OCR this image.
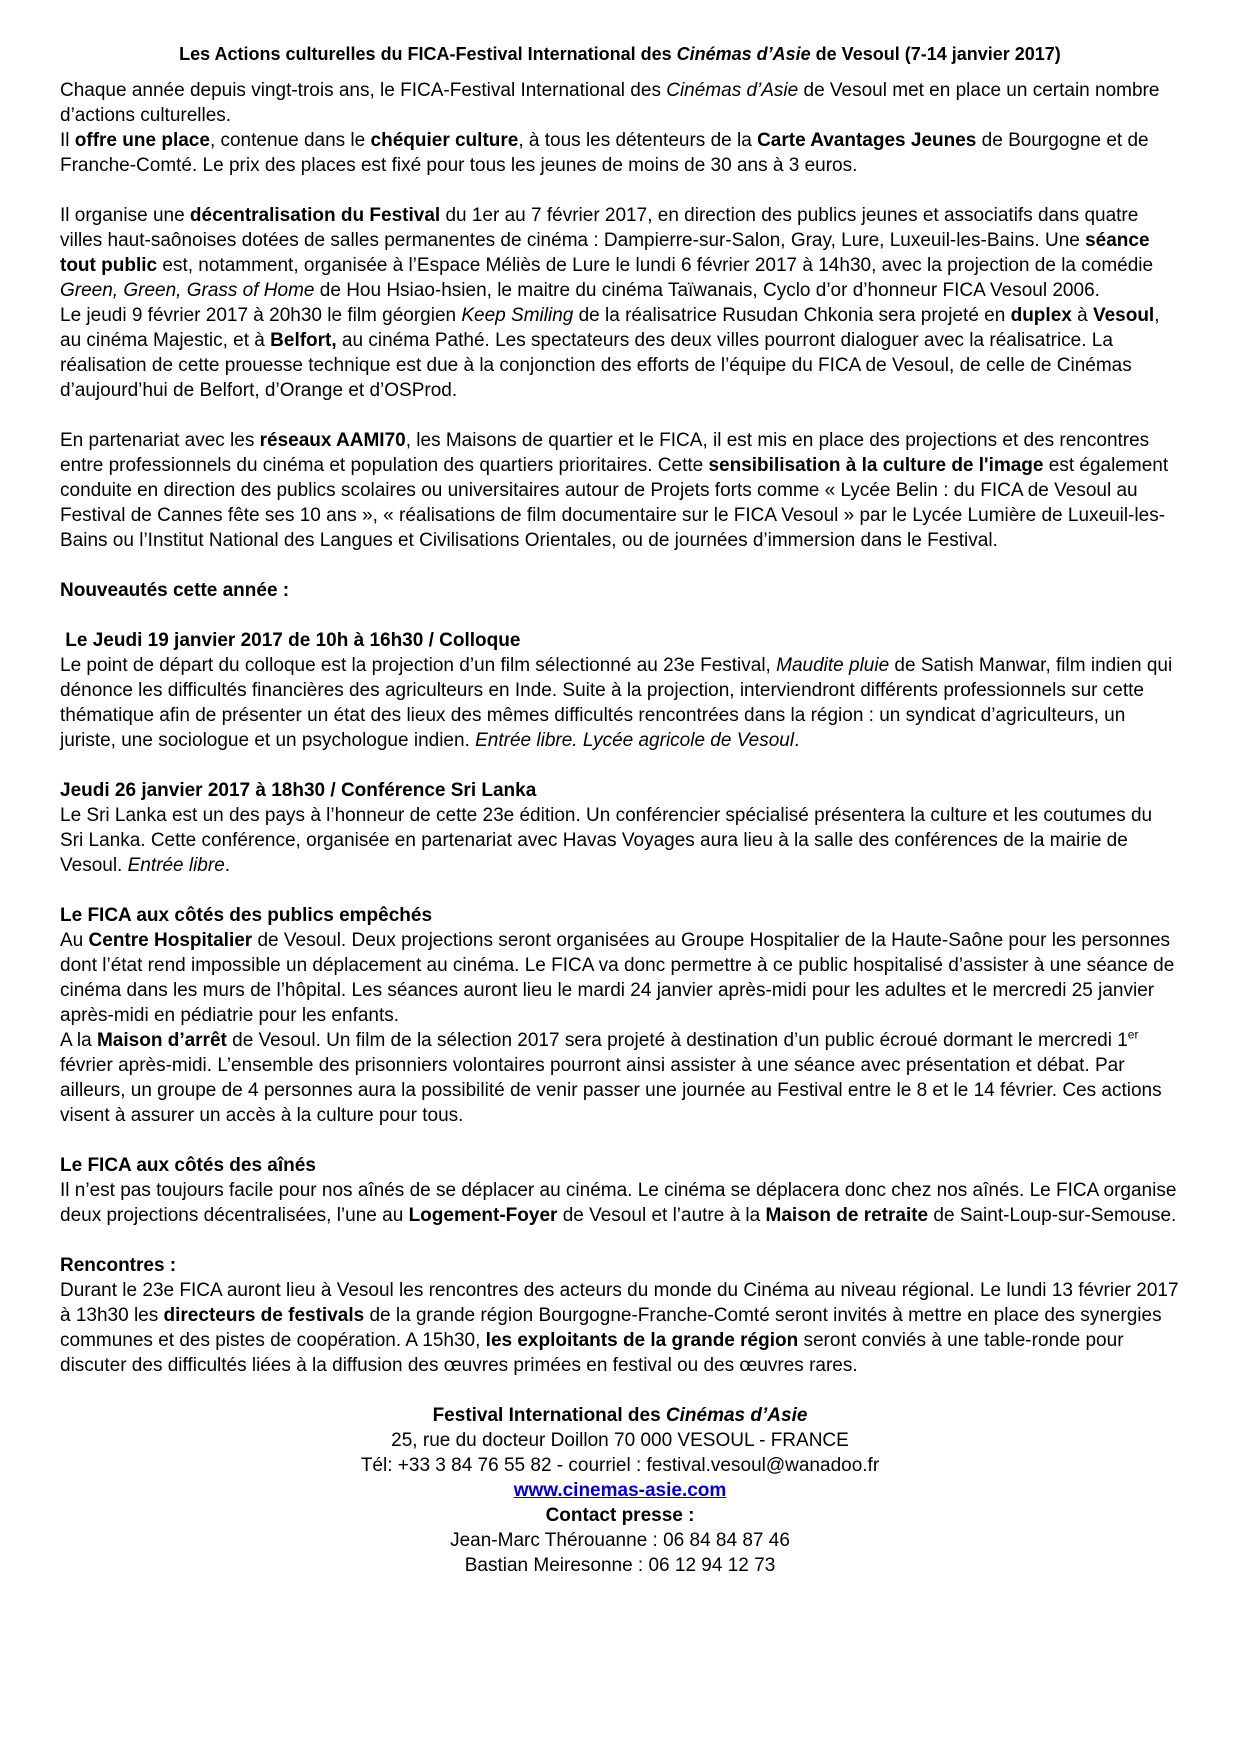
Les Actions culturelles du FICA-Festival International des Cinémas d’Asie de Vesoul (7-14 janvier 2017)

Chaque année depuis vingt-trois ans, le FICA-Festival International des Cinémas d’Asie de Vesoul met en place un certain nombre d’actions culturelles.

Il offre une place, contenue dans le chéquier culture, à tous les détenteurs de la Carte Avantages Jeunes de Bourgogne et de Franche-Comté. Le prix des places est fixé pour tous les jeunes de moins de 30 ans à 3 euros.

Il organise une décentralisation du Festival du 1er au 7 février 2017, en direction des publics jeunes et associatifs dans quatre villes haut-saônoises dotées de salles permanentes de cinéma : Dampierre-sur-Salon, Gray, Lure, Luxeuil-les-Bains. Une séance tout public est, notamment, organisée à l’Espace Méliès de Lure le lundi 6 février 2017 à 14h30, avec la projection de la comédie Green, Green, Grass of Home de Hou Hsiao-hsien, le maitre du cinéma Taïwanais, Cyclo d’or d’honneur FICA Vesoul 2006.

Le jeudi 9 février 2017 à 20h30 le film géorgien Keep Smiling de la réalisatrice Rusudan Chkonia sera projeté en duplex à Vesoul, au cinéma Majestic, et à Belfort, au cinéma Pathé. Les spectateurs des deux villes pourront dialoguer avec la réalisatrice. La réalisation de cette prouesse technique est due à la conjonction des efforts de l’équipe du FICA de Vesoul, de celle de Cinémas d’aujourd’hui de Belfort, d’Orange et d’OSProd.

En partenariat avec les réseaux AAMI70, les Maisons de quartier et le FICA, il est mis en place des projections et des rencontres entre professionnels du cinéma et population des quartiers prioritaires. Cette sensibilisation à la culture de l'image est également conduite en direction des publics scolaires ou universitaires autour de Projets forts comme « Lycée Belin : du FICA de Vesoul au Festival de Cannes fête ses 10 ans », « réalisations de film documentaire sur le FICA Vesoul » par le Lycée Lumière de Luxeuil-les-Bains ou l’Institut National des Langues et Civilisations Orientales, ou de journées d’immersion dans le Festival.

Nouveautés cette année :
Le Jeudi 19 janvier 2017 de 10h à 16h30 / Colloque

Le point de départ du colloque est la projection d’un film sélectionné au 23e Festival, Maudite pluie de Satish Manwar, film indien qui dénonce les difficultés financières des agriculteurs en Inde. Suite à la projection, interviendront différents professionnels sur cette thématique afin de présenter un état des lieux des mêmes difficultés rencontrées dans la région : un syndicat d’agriculteurs, un juriste, une sociologue et un psychologue indien. Entrée libre. Lycée agricole de Vesoul.

Jeudi 26 janvier 2017 à 18h30 / Conférence Sri Lanka

Le Sri Lanka est un des pays à l’honneur de cette 23e édition. Un conférencier spécialisé présentera la culture et les coutumes du Sri Lanka. Cette conférence, organisée en partenariat avec Havas Voyages aura lieu à la salle des conférences de la mairie de Vesoul. Entrée libre.

Le FICA aux côtés des publics empêchés

Au Centre Hospitalier de Vesoul. Deux projections seront organisées au Groupe Hospitalier de la Haute-Saône pour les personnes dont l’état rend impossible un déplacement au cinéma. Le FICA va donc permettre à ce public hospitalisé d’assister à une séance de cinéma dans les murs de l’hôpital. Les séances auront lieu le mardi 24 janvier après-midi pour les adultes et le mercredi 25 janvier après-midi en pédiatrie pour les enfants.

A la Maison d’arrêt de Vesoul. Un film de la sélection 2017 sera projeté à destination d’un public écroué dormant le mercredi 1er février après-midi. L’ensemble des prisonniers volontaires pourront ainsi assister à une séance avec présentation et débat. Par ailleurs, un groupe de 4 personnes aura la possibilité de venir passer une journée au Festival entre le 8 et le 14 février. Ces actions visent à assurer un accès à la culture pour tous.

Le FICA aux côtés des aînés

Il n’est pas toujours facile pour nos aînés de se déplacer au cinéma. Le cinéma se déplacera donc chez nos aînés. Le FICA organise deux projections décentralisées, l’une au Logement-Foyer de Vesoul et l’autre à la Maison de retraite de Saint-Loup-sur-Semouse.

Rencontres :

Durant le 23e FICA auront lieu à Vesoul les rencontres des acteurs du monde du Cinéma au niveau régional. Le lundi 13 février 2017 à 13h30 les directeurs de festivals de la grande région Bourgogne-Franche-Comté seront invités à mettre en place des synergies communes et des pistes de coopération. A 15h30, les exploitants de la grande région seront conviés à une table-ronde pour discuter des difficultés liées à la diffusion des œuvres primées en festival ou des œuvres rares.

Festival International des Cinémas d’Asie
25, rue du docteur Doillon 70 000 VESOUL - FRANCE
Tél: +33 3 84 76 55 82 - courriel : festival.vesoul@wanadoo.fr
www.cinemas-asie.com
Contact presse :
Jean-Marc Thérouanne : 06 84 84 87 46
Bastian Meiresonne : 06 12 94 12 73
